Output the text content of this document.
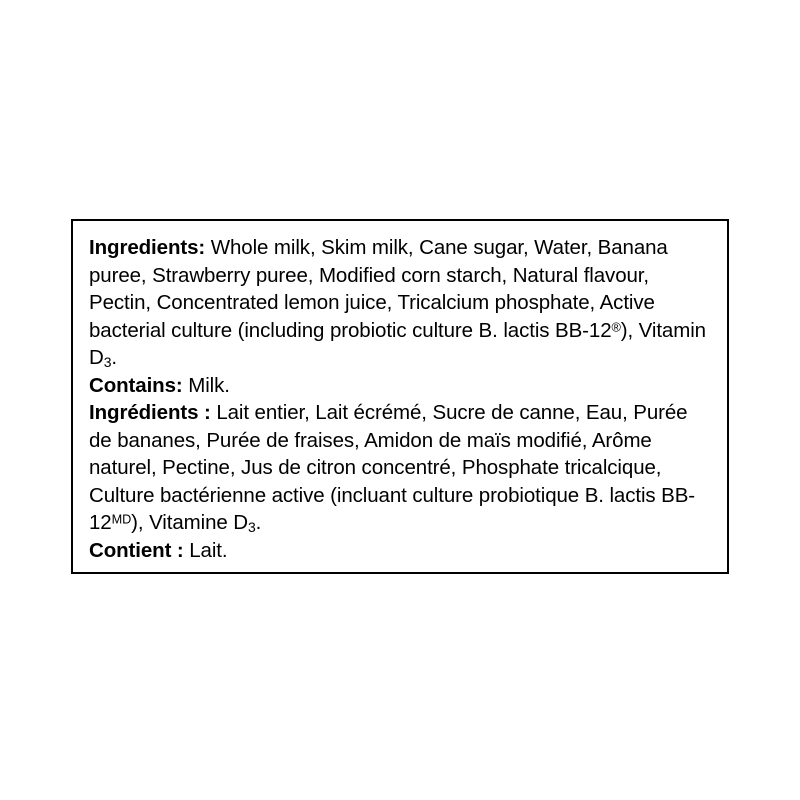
Ingredients: Whole milk, Skim milk, Cane sugar, Water, Banana puree, Strawberry puree, Modified corn starch, Natural flavour, Pectin, Concentrated lemon juice, Tricalcium phosphate, Active bacterial culture (including probiotic culture B. lactis BB-12®), Vitamin $D_3$.

Contains: Milk.

Ingrédients : Lait entier, Lait écrémé, Sucre de canne, Eau, Purée de bananes, Purée de fraises, Amidon de maïs modifié, Arôme naturel, Pectine, Jus de citron concentré, Phosphate tricalcique, Culture bactérienne active (incluant culture probiotique B. lactis $BB-12^{MD}$), Vitamine $D_3$.

Contient : Lait.
